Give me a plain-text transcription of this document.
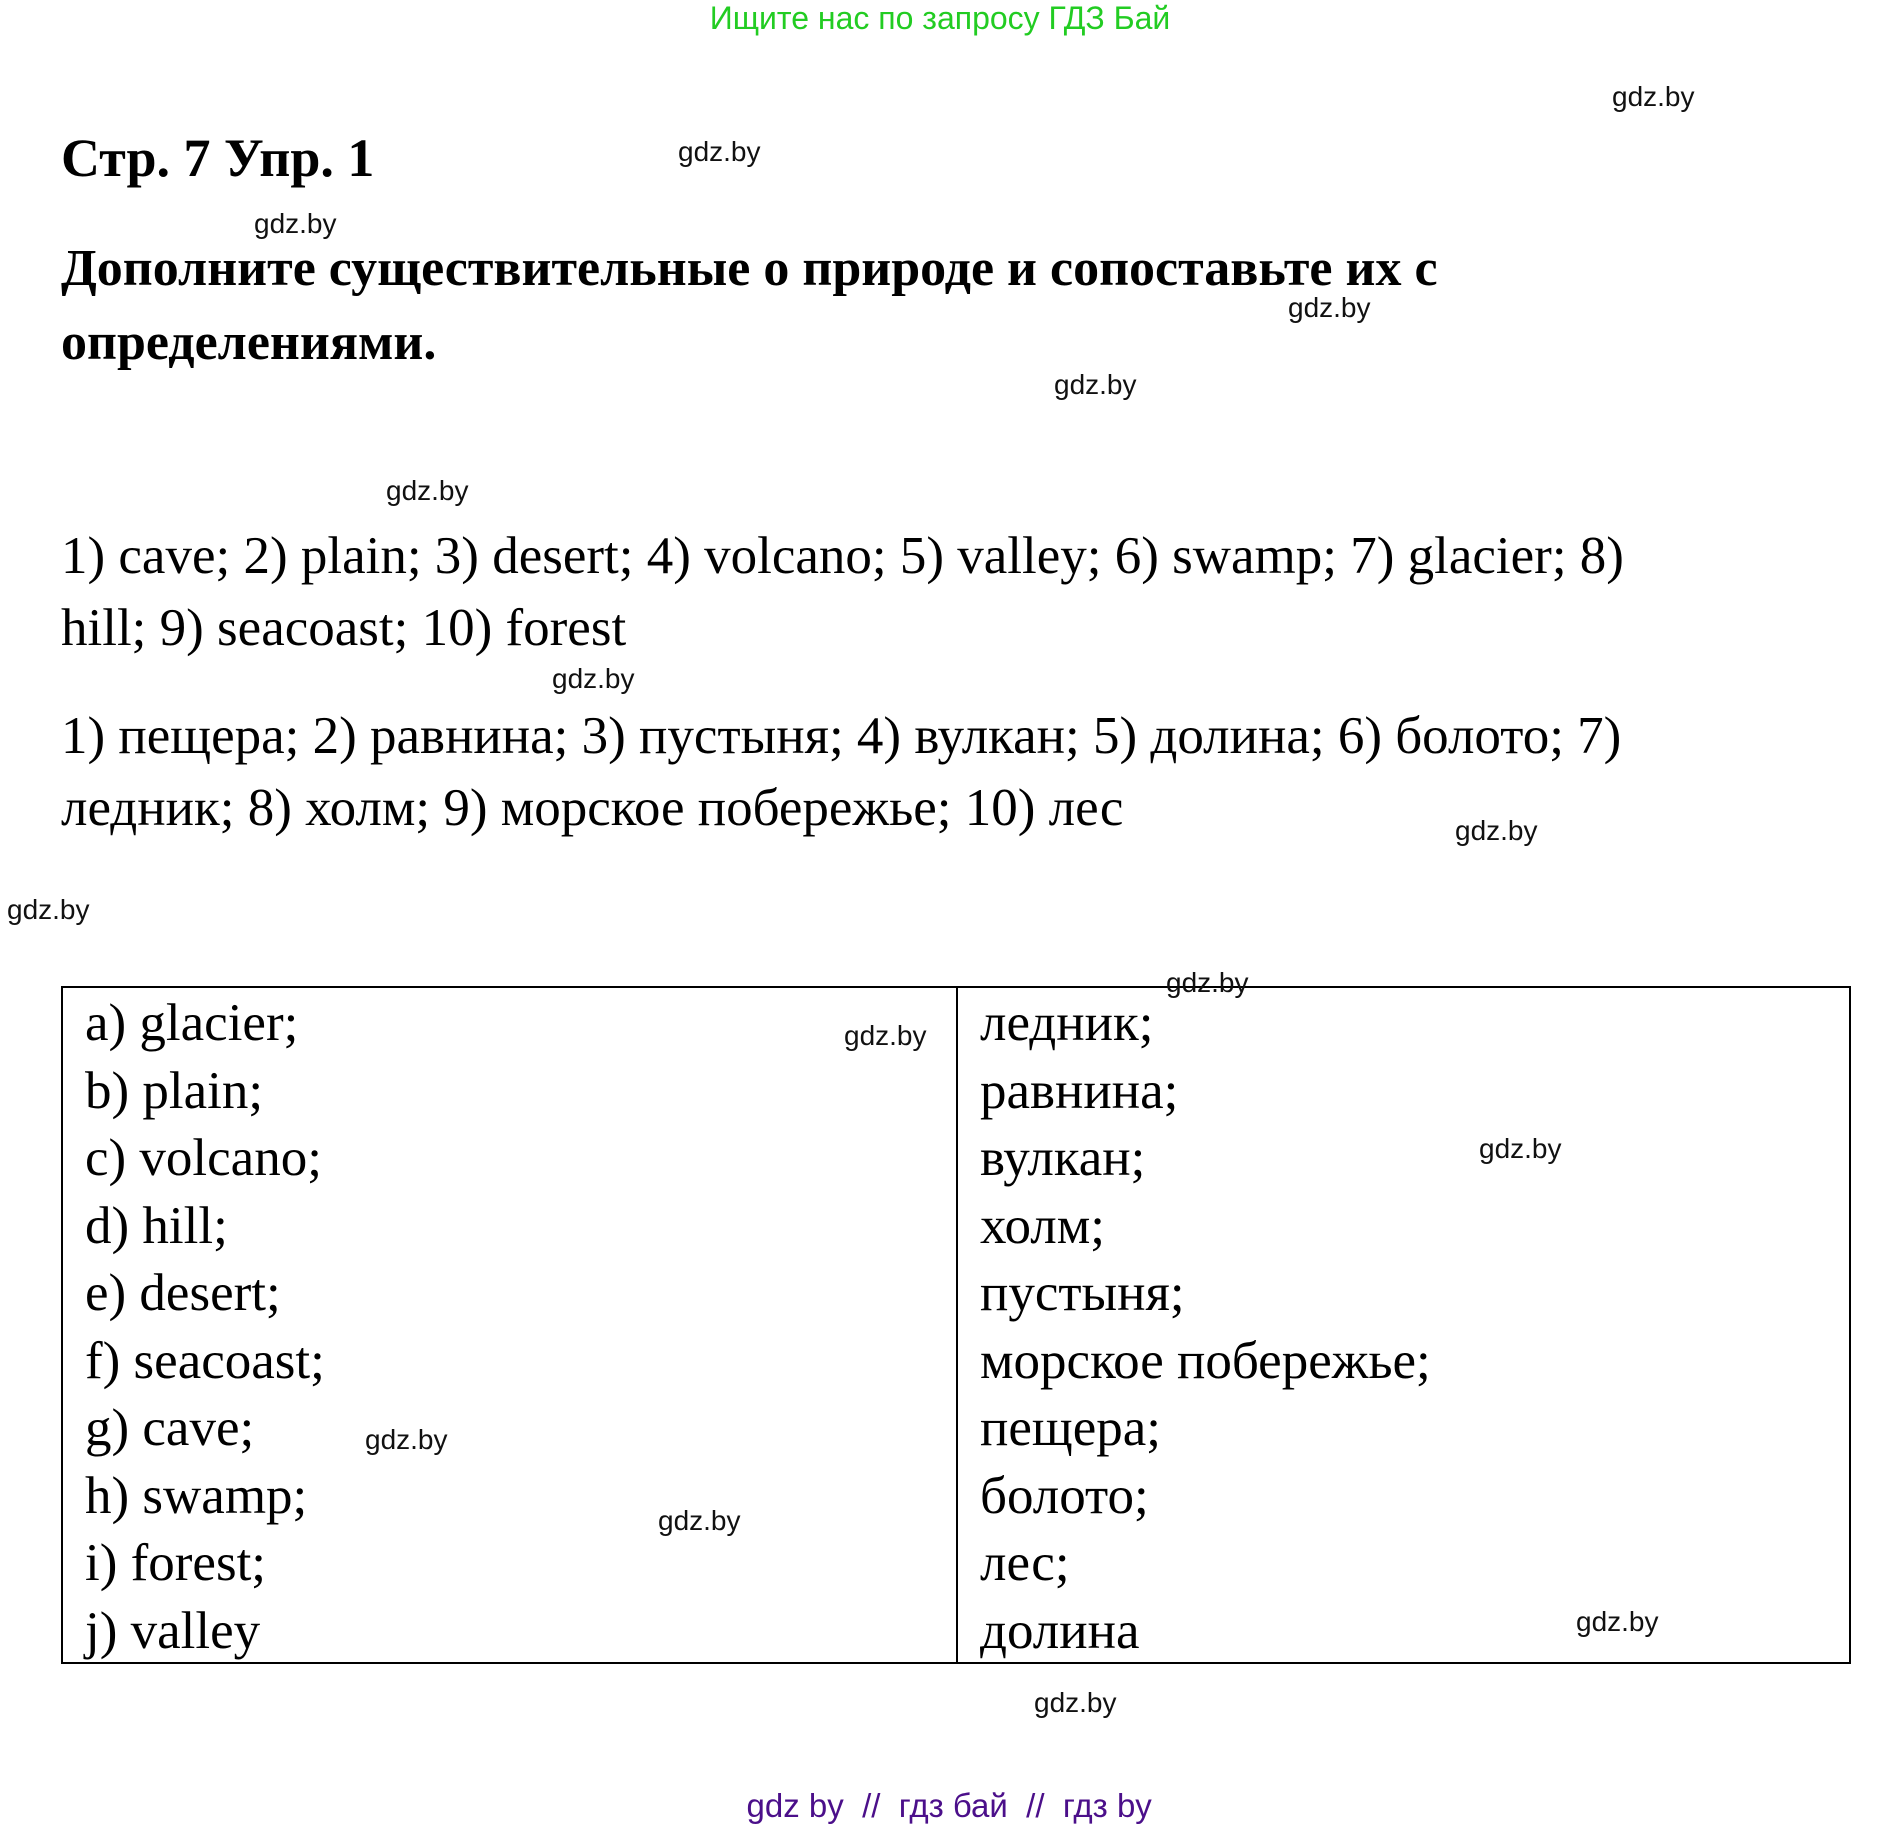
Ищите нас по запросу ГДЗ Бай
Стр. 7 Упр. 1
Дополните существительные о природе и сопоставьте их с
определениями.
1) cave; 2) plain; 3) desert; 4) volcano; 5) valley; 6) swamp; 7) glacier; 8)
hill; 9) seacoast; 10) forest
1) пещера; 2) равнина; 3) пустыня; 4) вулкан; 5) долина; 6) болото; 7)
ледник; 8) холм; 9) морское побережье; 10) лес
a) glacier;
b) plain;
c) volcano;
d) hill;
e) desert;
f) seacoast;
g) cave;
h) swamp;
i) forest;
j) valley
ледник;
равнина;
вулкан;
холм;
пустыня;
морское побережье;
пещера;
болото;
лес;
долина
gdz.by
gdz.by
gdz.by
gdz.by
gdz.by
gdz.by
gdz.by
gdz.by
gdz.by
gdz.by
gdz.by
gdz.by
gdz.by
gdz.by
gdz.by
gdz.by

gdz by  //  гдз бай  //  гдз by
